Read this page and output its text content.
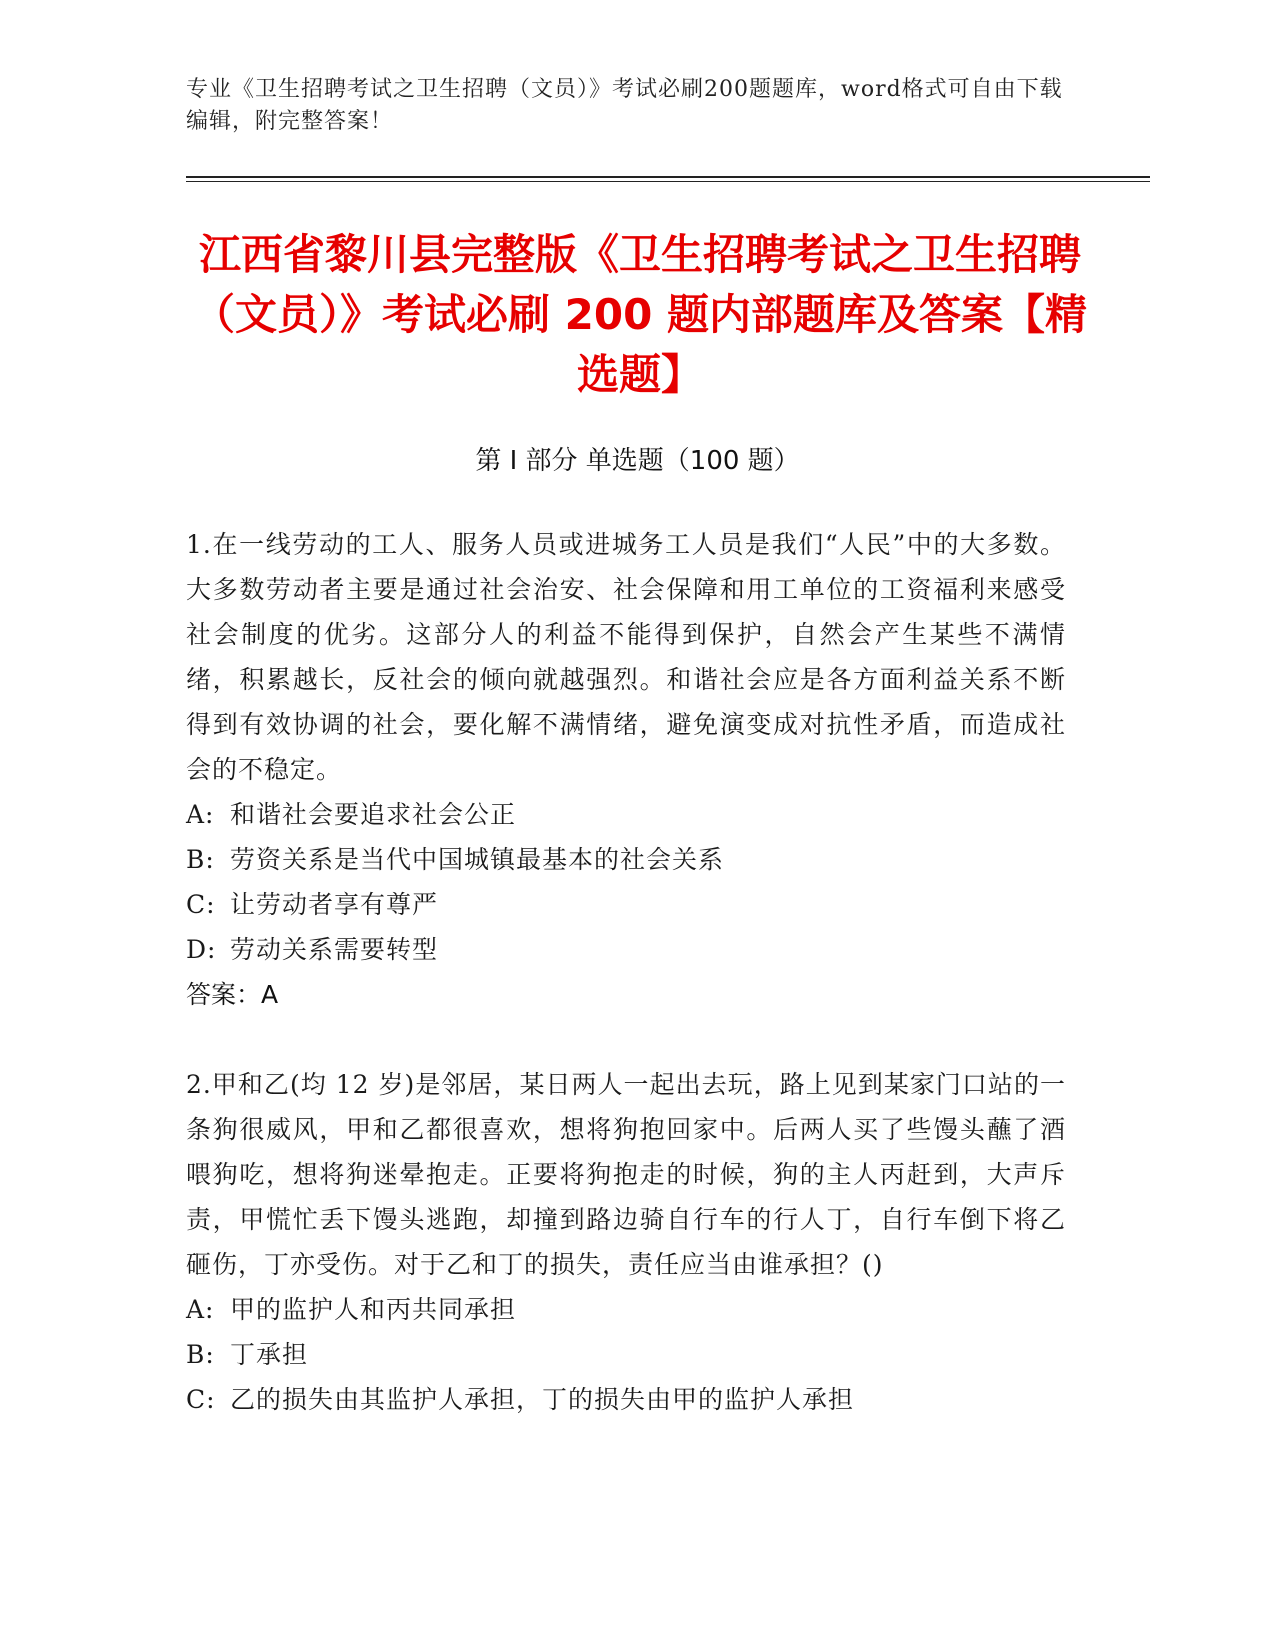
专业《卫生招聘考试之卫生招聘（文员）》考试必刷200题题库，word格式可自由下载编辑，附完整答案！
江西省黎川县完整版《卫生招聘考试之卫生招聘（文员）》考试必刷 200 题内部题库及答案【精选题】
第 I 部分 单选题（100 题）
1.在一线劳动的工人、服务人员或进城务工人员是我们“人民”中的大多数。大多数劳动者主要是通过社会治安、社会保障和用工单位的工资福利来感受社会制度的优劣。这部分人的利益不能得到保护，自然会产生某些不满情绪，积累越长，反社会的倾向就越强烈。和谐社会应是各方面利益关系不断得到有效协调的社会，要化解不满情绪，避免演变成对抗性矛盾，而造成社会的不稳定。
A: 和谐社会要追求社会公正
B: 劳资关系是当代中国城镇最基本的社会关系
C: 让劳动者享有尊严
D: 劳动关系需要转型
答案：A
2.甲和乙(均 12 岁)是邻居，某日两人一起出去玩，路上见到某家门口站的一条狗很威风，甲和乙都很喜欢，想将狗抱回家中。后两人买了些馒头蘸了酒喂狗吃，想将狗迷晕抱走。正要将狗抱走的时候，狗的主人丙赶到，大声斥责，甲慌忙丢下馒头逃跑，却撞到路边骑自行车的行人丁，自行车倒下将乙砸伤，丁亦受伤。对于乙和丁的损失，责任应当由谁承担？()
A: 甲的监护人和丙共同承担
B: 丁承担
C: 乙的损失由其监护人承担，丁的损失由甲的监护人承担
